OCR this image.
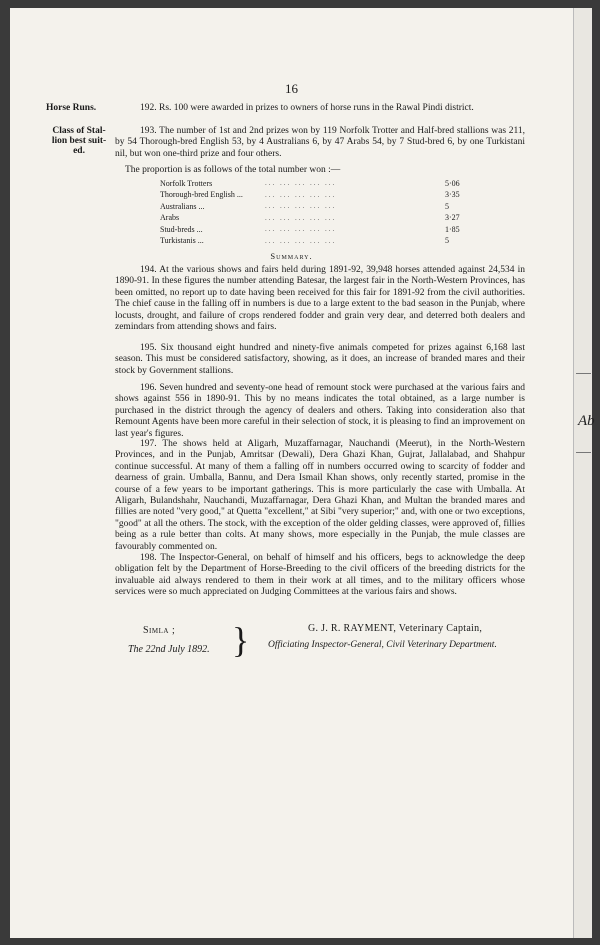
16
Horse Runs.
Class of Stal-
lion best suit-
ed.

192. Rs. 100 were awarded in prizes to owners of horse runs in the Rawal Pindi district.

193. The number of 1st and 2nd prizes won by 119 Norfolk Trotter and Half-bred stallions was 211, by 54 Thorough-bred English 53, by 4 Australians 6, by 47 Arabs 54, by 7 Stud-bred 6, by one Turkistani nil, but won one-third prize and four others.

The proportion is as follows of the total number won :—
Norfolk Trotters	... ... ... ... ...	5·06
Thorough-bred English ...	... ... ... ... ...	3·35
Australians ...	... ... ... ... ...	5
Arabs	... ... ... ... ...	3·27
Stud-breds ...	... ... ... ... ...	1·85
Turkistanis ...	... ... ... ... ...	5
Summary.

194. At the various shows and fairs held during 1891-92, 39,948 horses attended against 24,534 in 1890-91. In these figures the number attending Batesar, the largest fair in the North-Western Provinces, has been omitted, no report up to date having been received for this fair for 1891-92 from the civil authorities. The chief cause in the falling off in numbers is due to a large extent to the bad season in the Punjab, where locusts, drought, and failure of crops rendered fodder and grain very dear, and deterred both dealers and zemindars from attending shows and fairs.

195. Six thousand eight hundred and ninety-five animals competed for prizes against 6,168 last season. This must be considered satisfactory, showing, as it does, an increase of branded mares and their stock by Government stallions.

196. Seven hundred and seventy-one head of remount stock were purchased at the various fairs and shows against 556 in 1890-91. This by no means indicates the total obtained, as a large number is purchased in the district through the agency of dealers and others. Taking into consideration also that Remount Agents have been more careful in their selection of stock, it is pleasing to find an improvement on last year's figures.

197. The shows held at Aligarh, Muzaffarnagar, Nauchandi (Meerut), in the North-Western Provinces, and in the Punjab, Amritsar (Dewali), Dera Ghazi Khan, Gujrat, Jallalabad, and Shahpur continue successful. At many of them a falling off in numbers occurred owing to scarcity of fodder and dearness of grain. Umballa, Bannu, and Dera Ismail Khan shows, only recently started, promise in the course of a few years to be important gatherings. This is more particularly the case with Umballa. At Aligarh, Bulandshahr, Nauchandi, Muzaffarnagar, Dera Ghazi Khan, and Multan the branded mares and fillies are noted "very good," at Quetta "excellent," at Sibi "very superior;" and, with one or two exceptions, "good" at all the others. The stock, with the exception of the older gelding classes, were approved of, fillies being as a rule better than colts. At many shows, more especially in the Punjab, the mule classes are favourably commented on.

198. The Inspector-General, on behalf of himself and his officers, begs to acknowledge the deep obligation felt by the Department of Horse-Breeding to the civil officers of the breeding districts for the invaluable aid always rendered to them in their work at all times, and to the military officers whose services were so much appreciated on Judging Committees at the various fairs and shows.

Simla ;
The 22nd July 1892. }	G. J. R. RAYMENT, Veterinary Captain,
Officiating Inspector-General, Civil Veterinary Department.
Ab
